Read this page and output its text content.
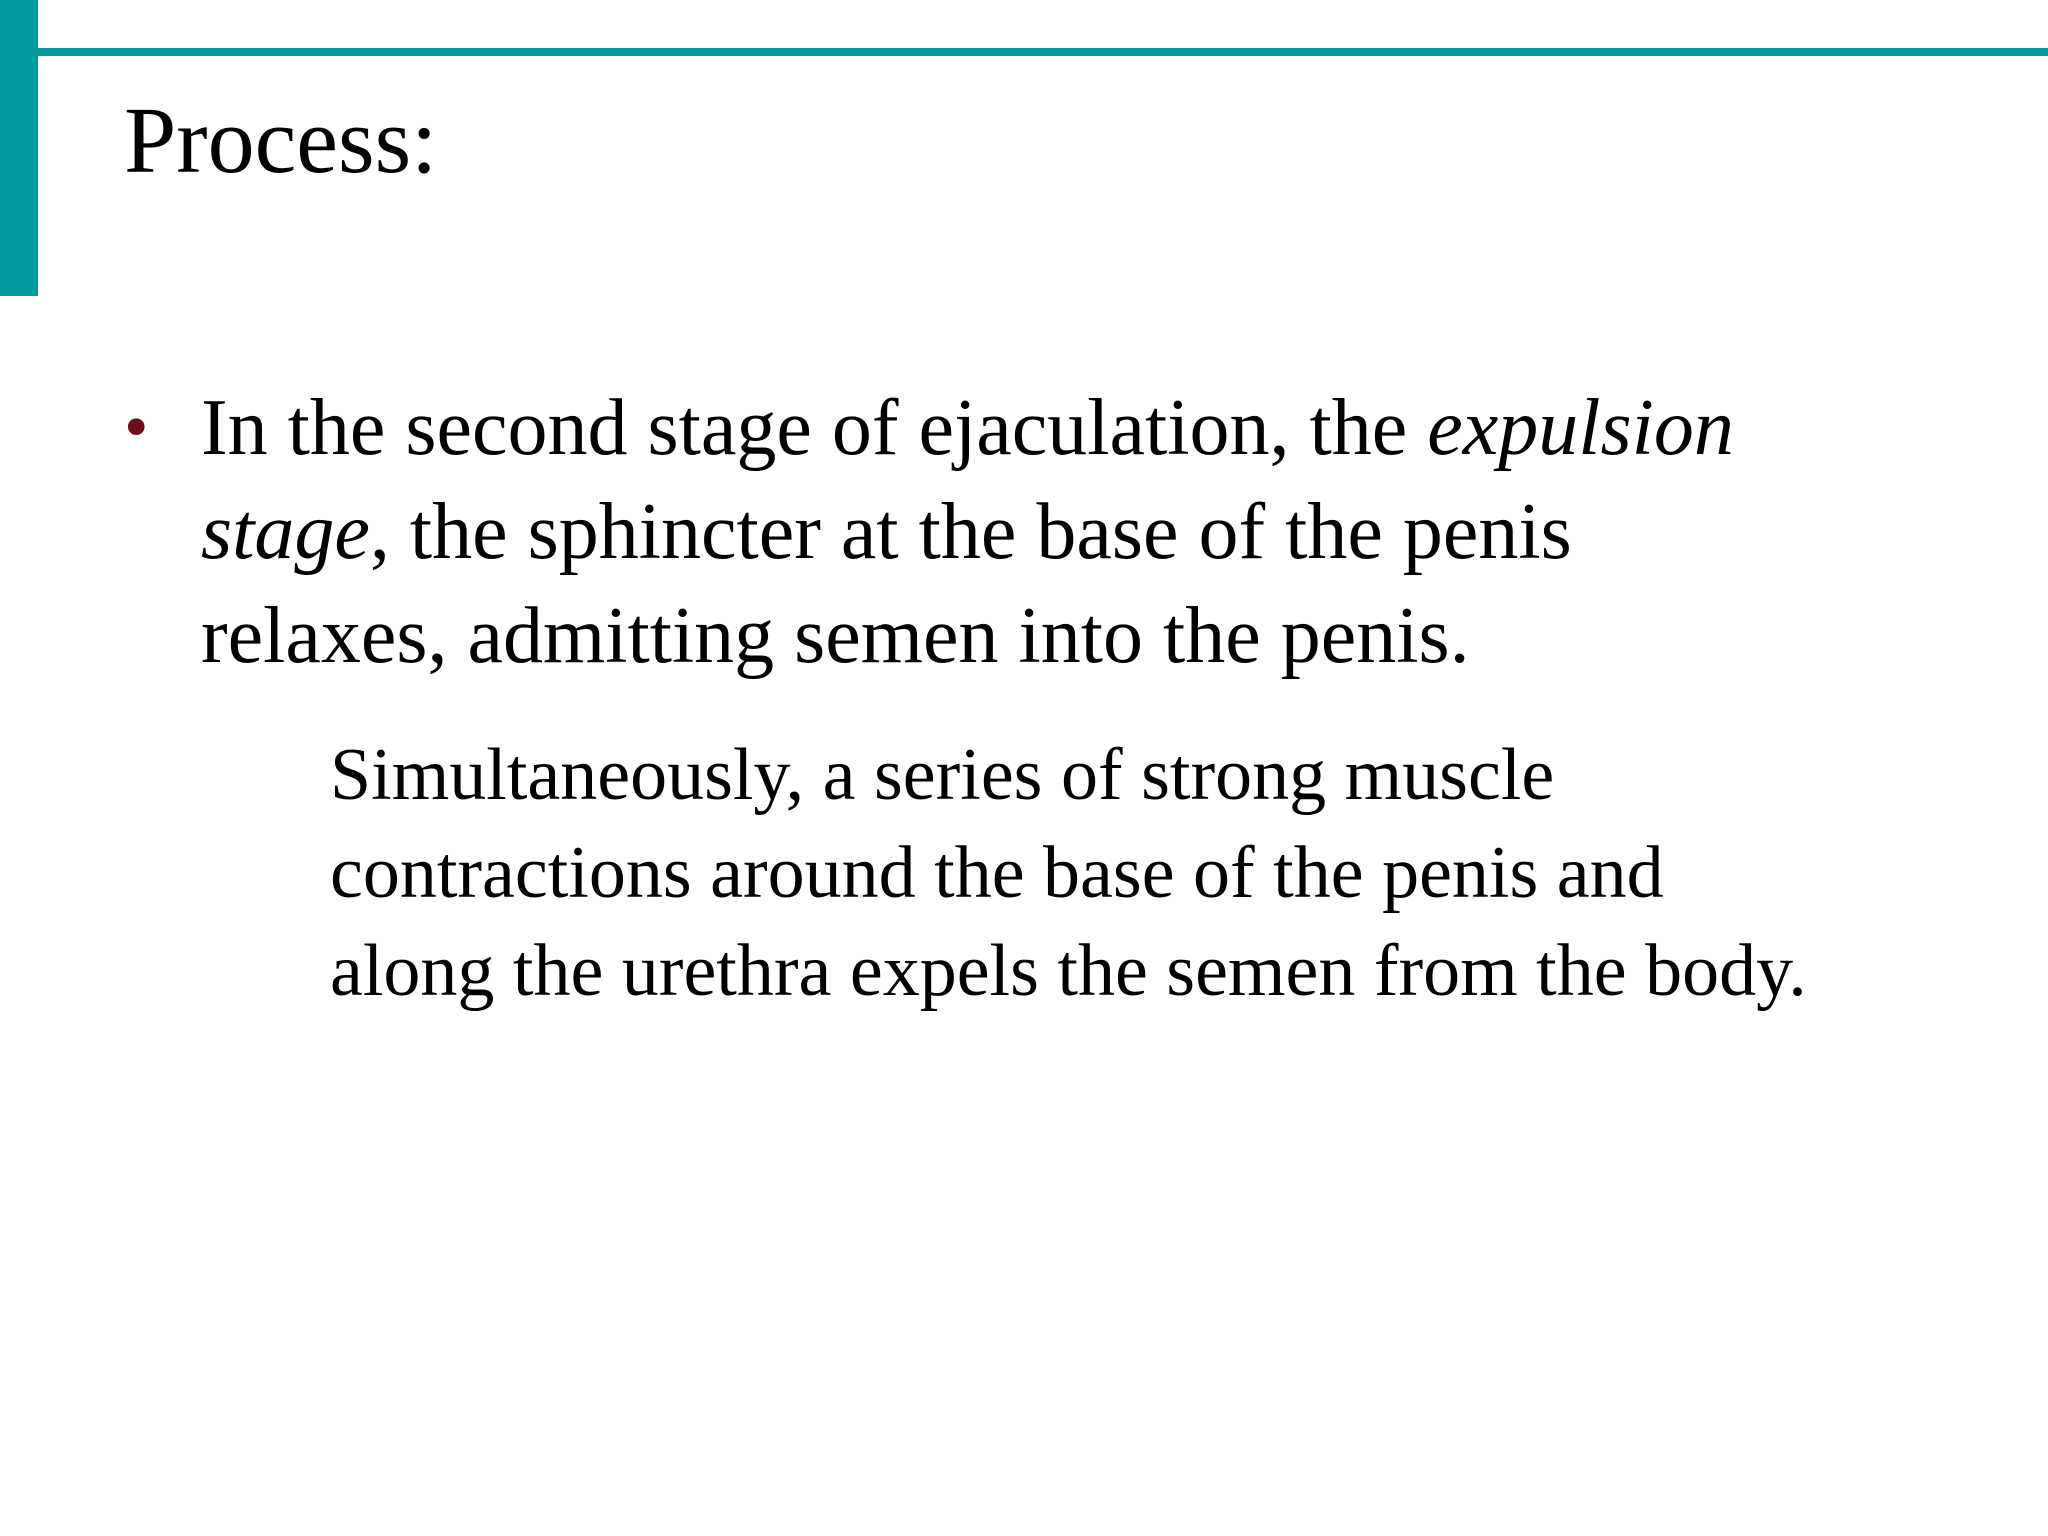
Process:
• In the second stage of ejaculation, the expulsion
stage, the sphincter at the base of the penis
relaxes, admitting semen into the penis.

Simultaneously, a series of strong muscle
contractions around the base of the penis and
along the urethra expels the semen from the body.
